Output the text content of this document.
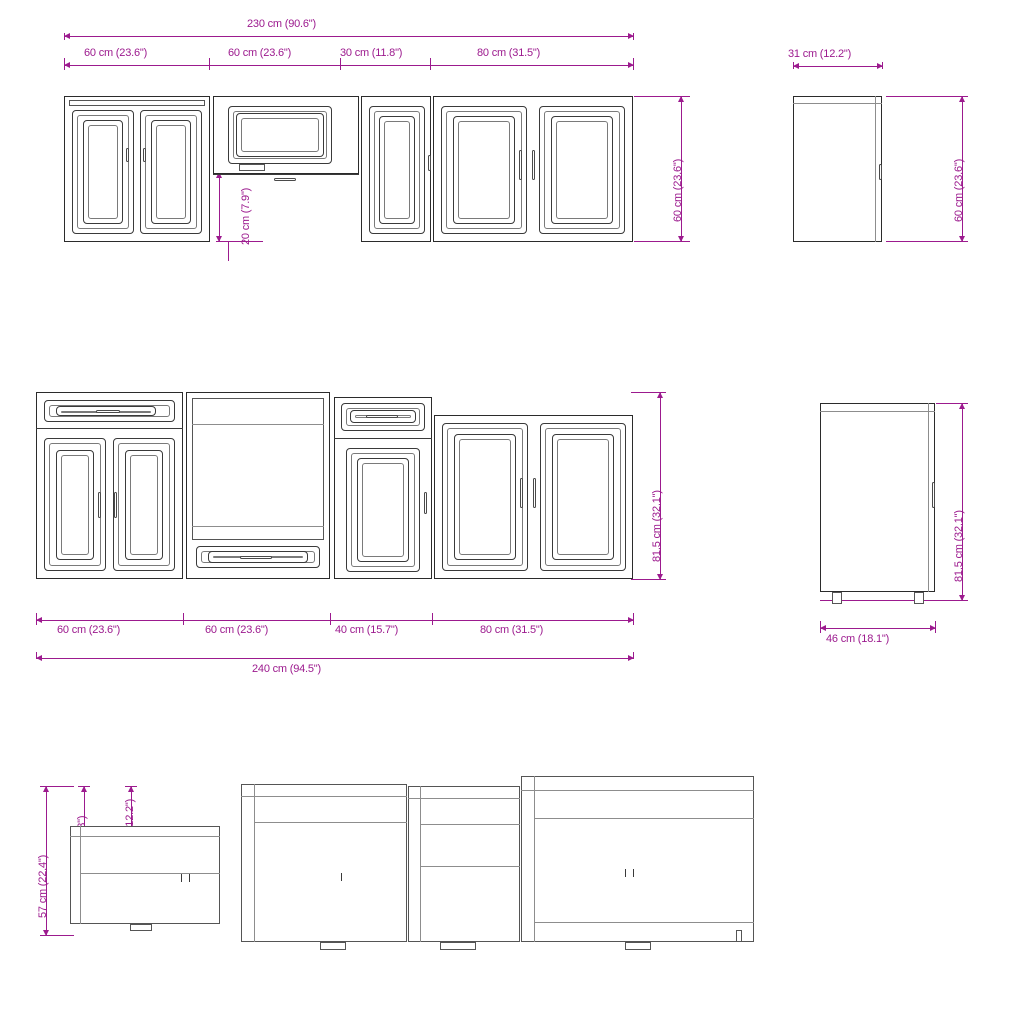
230 cm (90.6")
60 cm (23.6")	60 cm (23.6")	30 cm (11.8")	80 cm (31.5")
60 cm (23.6")
20 cm (7.9")
31 cm (12.2")
60 cm (23.6")
81.5 cm (32.1")
60 cm (23.6")	60 cm (23.6")	40 cm (15.7")	80 cm (31.5")
240 cm (94.5")
81.5 cm (32.1")
46 cm (18.1")
57 cm (22.4")
